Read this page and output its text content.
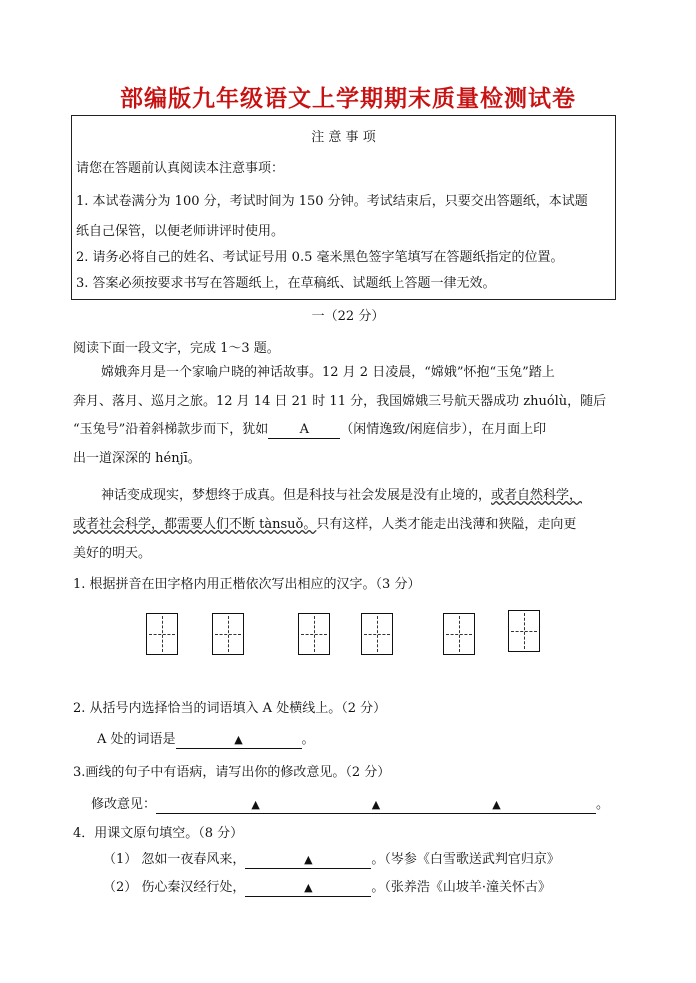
部编版九年级语文上学期期末质量检测试卷
注 意 事 项
请您在答题前认真阅读本注意事项：
1. 本试卷满分为 100 分，考试时间为 150 分钟。考试结束后，只要交出答题纸，本试题
纸自己保管，以便老师讲评时使用。
2. 请务必将自己的姓名、考试证号用 0.5 毫米黑色签字笔填写在答题纸指定的位置。
3. 答案必须按要求书写在答题纸上，在草稿纸、试题纸上答题一律无效。
一（22 分）
阅读下面一段文字，完成 1～3 题。
嫦娥奔月是一个家喻户晓的神话故事。12 月 2 日凌晨，“嫦娥”怀抱“玉兔”踏上
奔月、落月、巡月之旅。12 月 14 日 21 时 11 分，我国嫦娥三号航天器成功 zhuólù，随后
“玉兔号”沿着斜梯款步而下，犹如 A （闲情逸致/闲庭信步），在月面上印
出一道深深的 hénjī。
神话变成现实，梦想终于成真。但是科技与社会发展是没有止境的，或者自然科学，
或者社会科学，都需要人们不断 tànsuǒ。只有这样，人类才能走出浅薄和狭隘，走向更
美好的明天。
1. 根据拼音在田字格内用正楷依次写出相应的汉字。（3 分）
2. 从括号内选择恰当的词语填入 A 处横线上。（2 分）
A 处的词语是	▲	。
3.画线的句子中有语病，请写出你的修改意见。（2 分）
修改意见：	▲	▲	▲	。
4．用课文原句填空。（8 分）
（1） 忽如一夜春风来，	▲	。（岑参《白雪歌送武判官归京》
（2） 伤心秦汉经行处，	▲	。（张养浩《山坡羊·潼关怀古》
